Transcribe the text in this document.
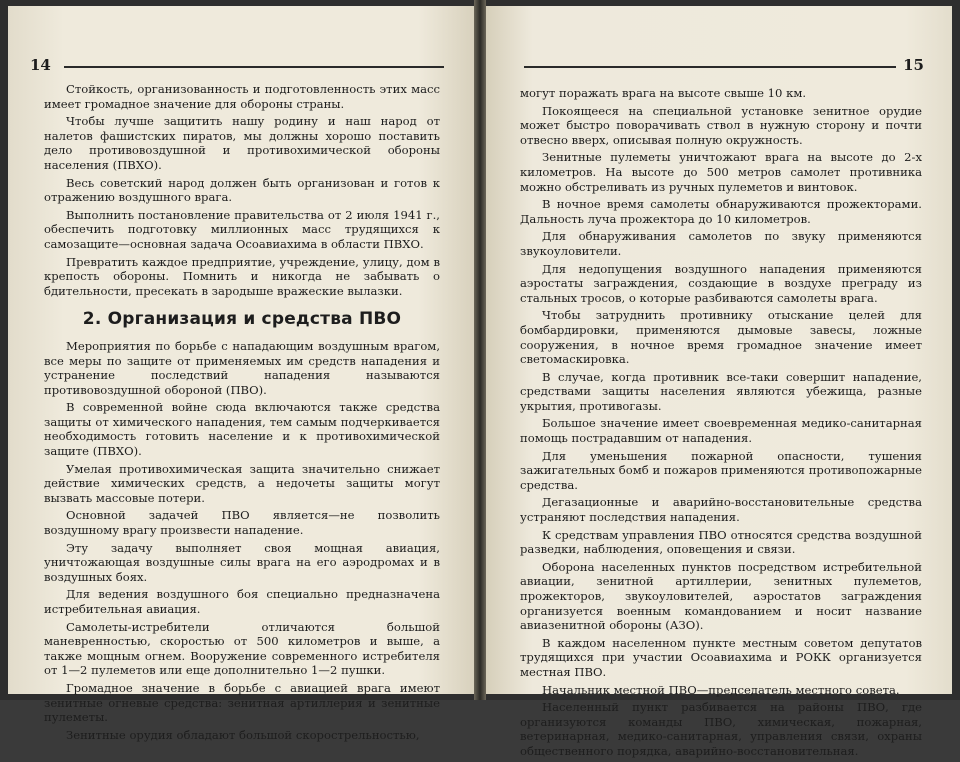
14

Стойкость, организованность и подготовленность этих масс имеет громадное значение для обороны страны.

Чтобы лучше защитить нашу родину и наш народ от налетов фашистских пиратов, мы должны хорошо поставить дело противовоздушной и противохимической обороны населения (ПВХО).

Весь советский народ должен быть организован и готов к отражению воздушного врага.

Выполнить постановление правительства от 2 июля 1941 г., обеспечить подготовку миллионных масс трудящихся к самозащите—основная задача Осоавиахима в области ПВХО.

Превратить каждое предприятие, учреждение, улицу, дом в крепость обороны. Помнить и никогда не забывать о бдительности, пресекать в зародыше вражеские вылазки.

2. Организация и средства ПВО

Мероприятия по борьбе с нападающим воздушным врагом, все меры по защите от применяемых им средств нападения и устранение последствий нападения называются противовоздушной обороной (ПВО).

В современной войне сюда включаются также средства защиты от химического нападения, тем самым подчеркивается необходимость готовить население и к противохимической защите (ПВХО).

Умелая противохимическая защита значительно снижает действие химических средств, а недочеты защиты могут вызвать массовые потери.

Основной задачей ПВО является—не позволить воздушному врагу произвести нападение.

Эту задачу выполняет своя мощная авиация, уничтожающая воздушные силы врага на его аэродромах и в воздушных боях.

Для ведения воздушного боя специально предназначена истребительная авиация.

Самолеты-истребители отличаются большой маневренностью, скоростью от 500 километров и выше, а также мощным огнем. Вооружение современного истребителя от 1—2 пулеметов или еще дополнительно 1—2 пушки.

Громадное значение в борьбе с авиацией врага имеют зенитные огневые средства: зенитная артиллерия и зенитные пулеметы.

Зенитные орудия обладают большой скорострельностью,

15

могут поражать врага на высоте свыше 10 км.

Покоящееся на специальной установке зенитное орудие может быстро поворачивать ствол в нужную сторону и почти отвесно вверх, описывая полную окружность.

Зенитные пулеметы уничтожают врага на высоте до 2-х километров. На высоте до 500 метров самолет противника можно обстреливать из ручных пулеметов и винтовок.

В ночное время самолеты обнаруживаются прожекторами. Дальность луча прожектора до 10 километров.

Для обнаруживания самолетов по звуку применяются звукоуловители.

Для недопущения воздушного нападения применяются аэростаты заграждения, создающие в воздухе преграду из стальных тросов, о которые разбиваются самолеты врага.

Чтобы затруднить противнику отыскание целей для бомбардировки, применяются дымовые завесы, ложные сооружения, в ночное время громадное значение имеет светомаскировка.

В случае, когда противник все-таки совершит нападение, средствами защиты населения являются убежища, разные укрытия, противогазы.

Большое значение имеет своевременная медико-санитарная помощь пострадавшим от нападения.

Для уменьшения пожарной опасности, тушения зажигательных бомб и пожаров применяются противопожарные средства.

Дегазационные и аварийно-восстановительные средства устраняют последствия нападения.

К средствам управления ПВО относятся средства воздушной разведки, наблюдения, оповещения и связи.

Оборона населенных пунктов посредством истребительной авиации, зенитной артиллерии, зенитных пулеметов, прожекторов, звукоуловителей, аэростатов заграждения организуется военным командованием и носит название авиазенитной обороны (АЗО).

В каждом населенном пункте местным советом депутатов трудящихся при участии Осоавиахима и РОКК организуется местная ПВО.

Начальник местной ПВО—председатель местного совета.

Населенный пункт разбивается на районы ПВО, где организуются команды ПВО, химическая, пожарная, ветеринарная, медико-санитарная, управления связи, охраны общественного порядка, аварийно-восстановительная.
